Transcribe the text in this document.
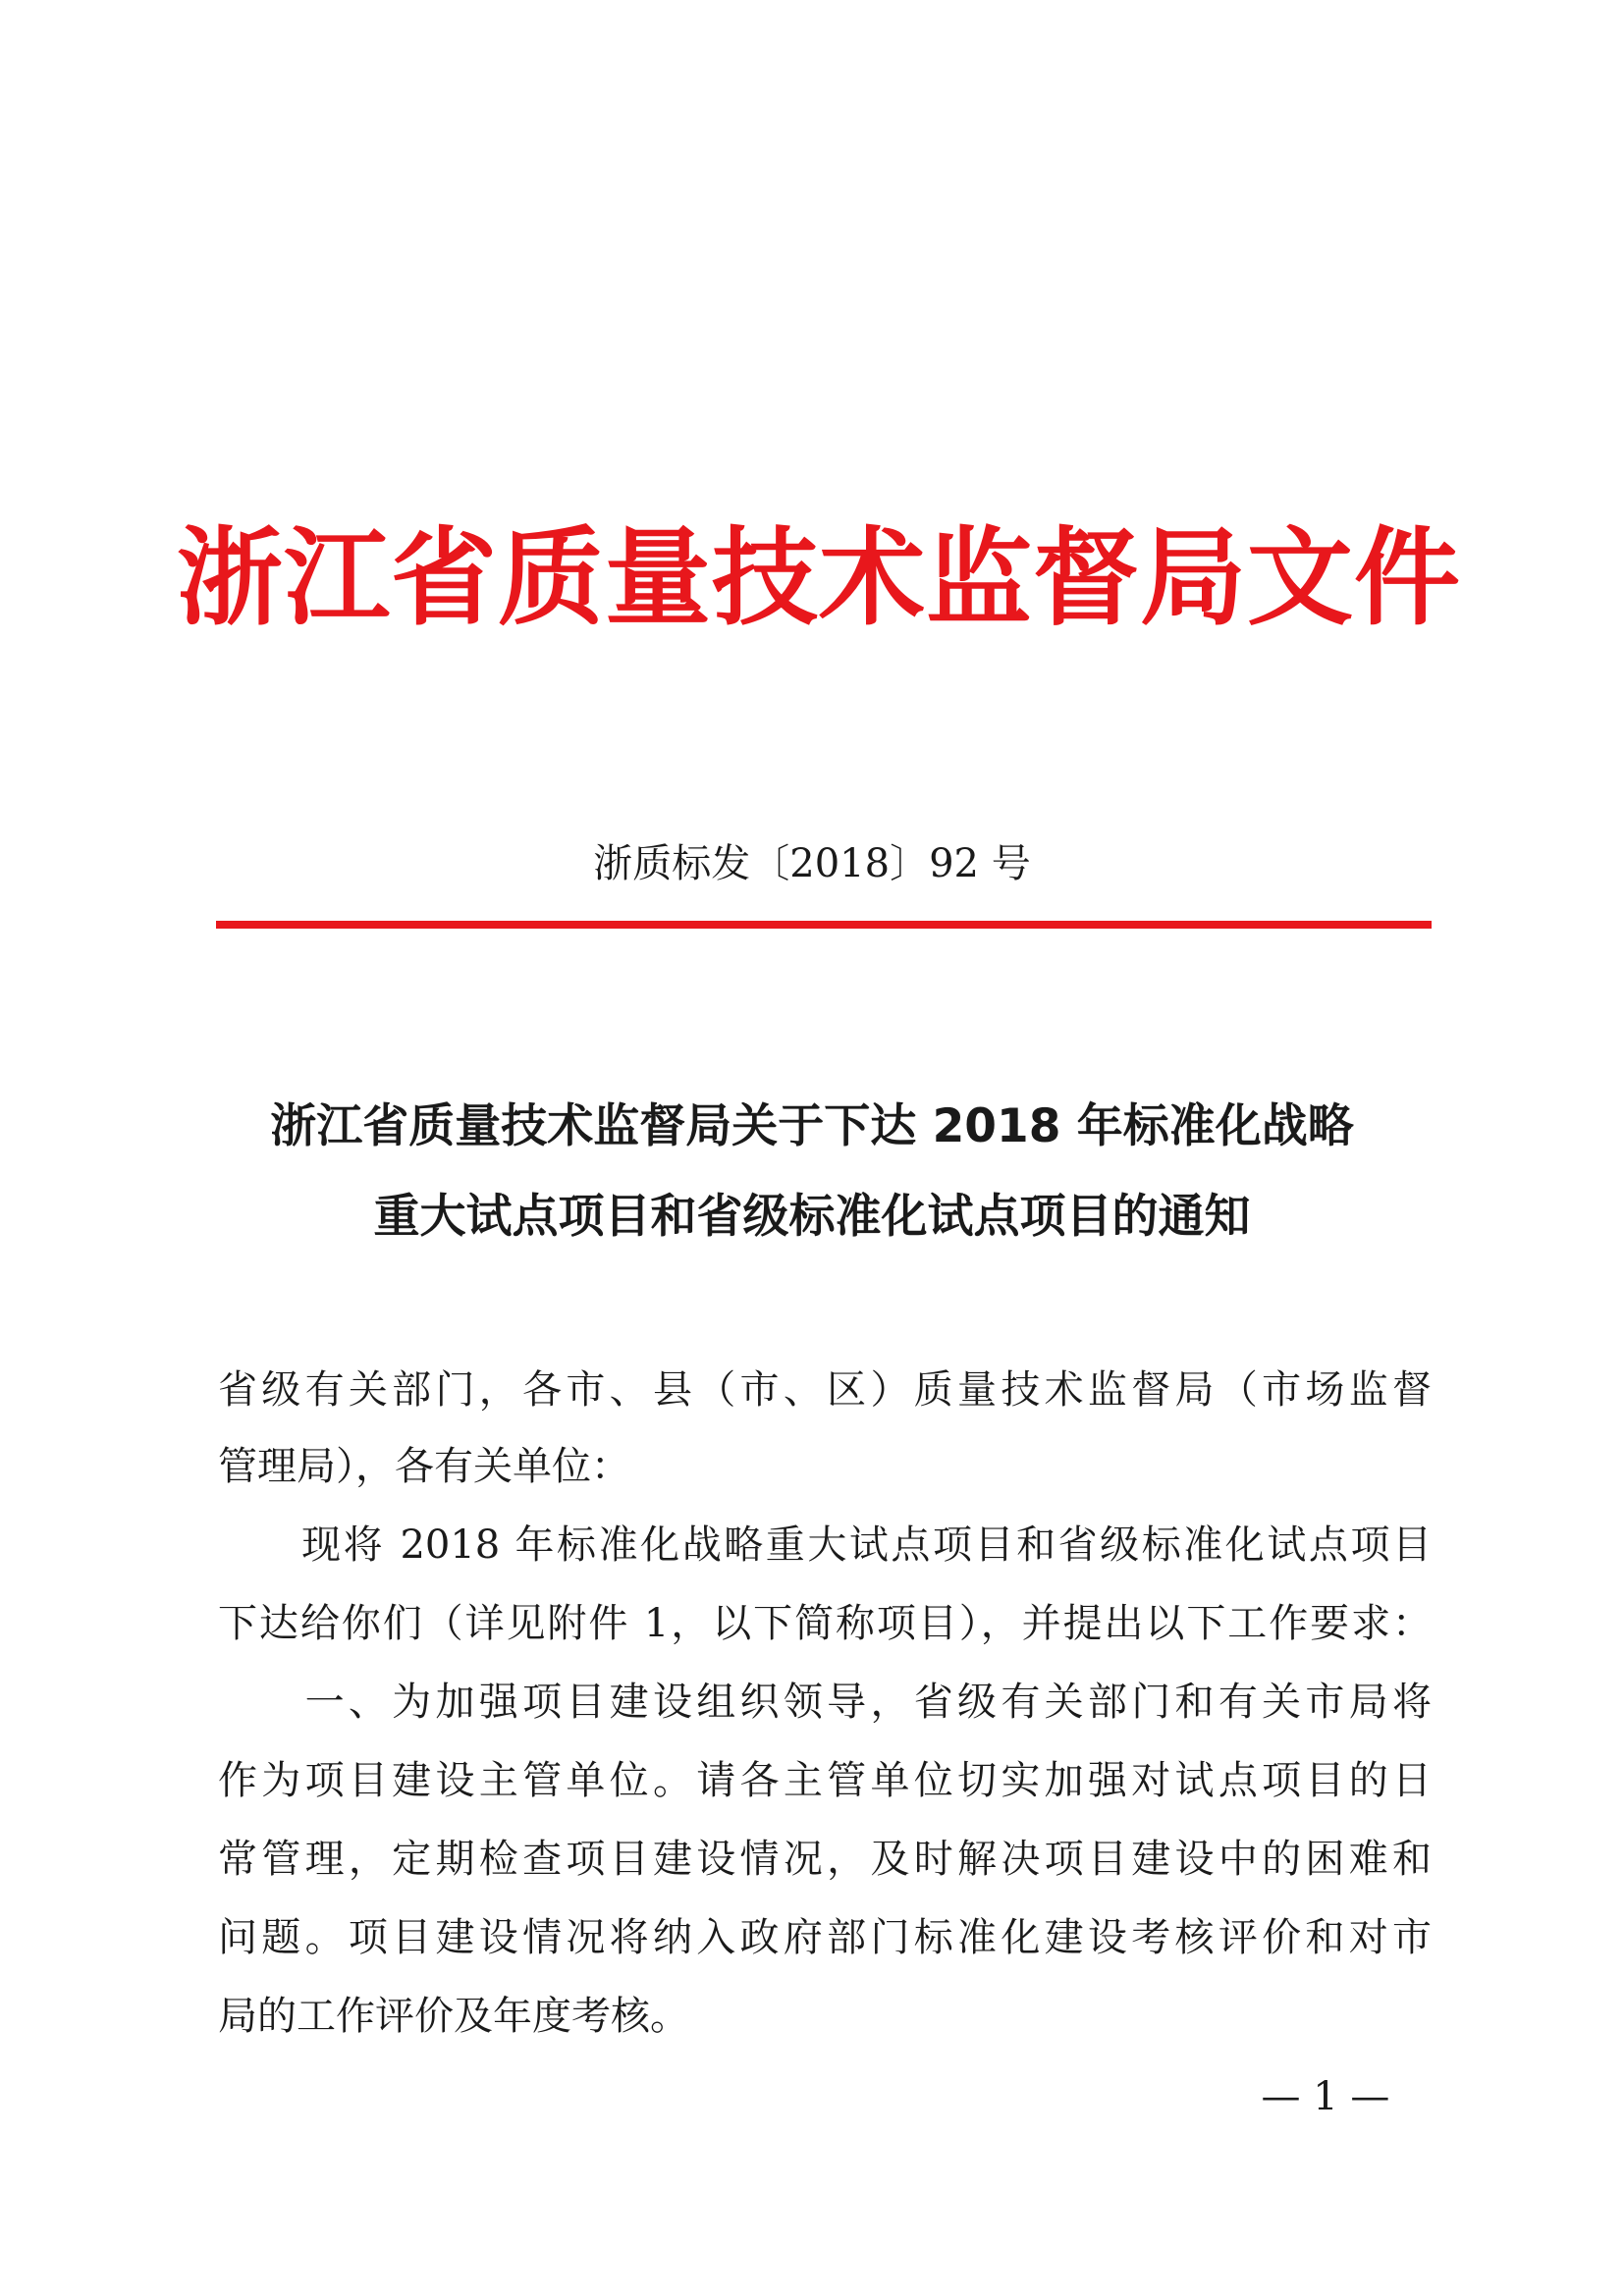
浙江省质量技术监督局文件
浙质标发〔2018〕92 号
浙江省质量技术监督局关于下达 2018 年标准化战略
重大试点项目和省级标准化试点项目的通知
省级有关部门，各市、县（市、区）质量技术监督局（市场监督
管理局），各有关单位：
　　现将 2018 年标准化战略重大试点项目和省级标准化试点项目
下达给你们（详见附件 1，以下简称项目），并提出以下工作要求：
　　一、为加强项目建设组织领导，省级有关部门和有关市局将
作为项目建设主管单位。请各主管单位切实加强对试点项目的日
常管理，定期检查项目建设情况，及时解决项目建设中的困难和
问题。项目建设情况将纳入政府部门标准化建设考核评价和对市
局的工作评价及年度考核。
— 1 —
